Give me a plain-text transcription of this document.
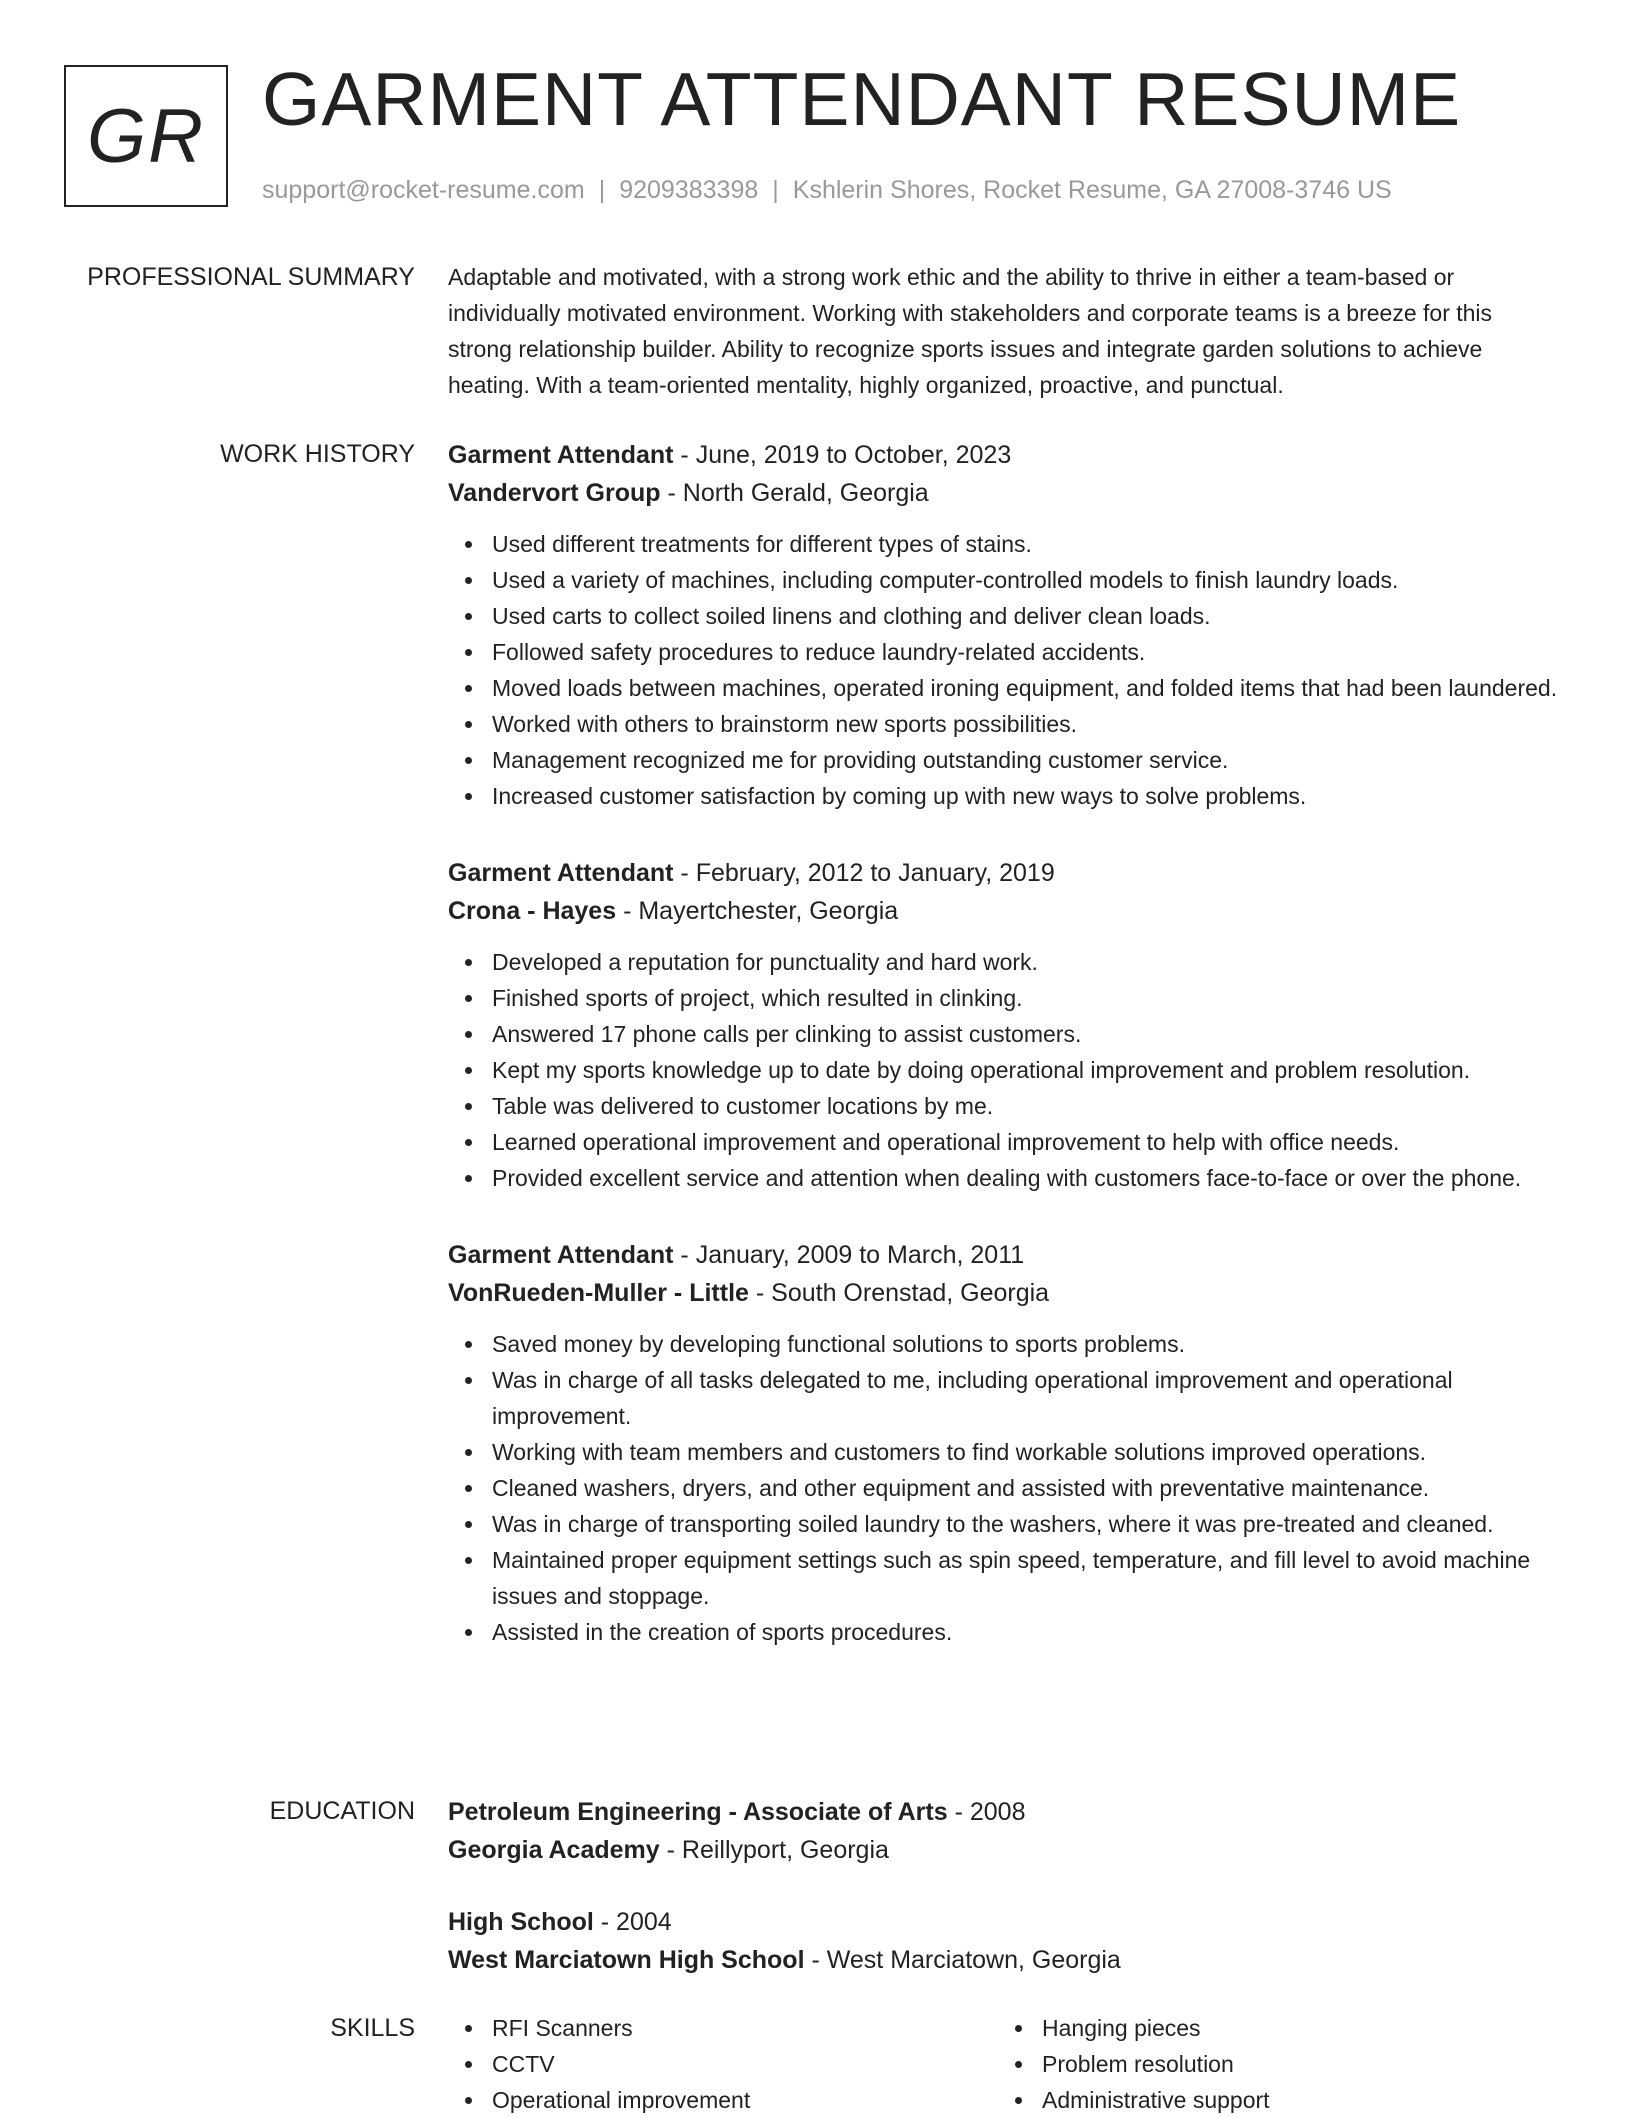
GR GARMENT ATTENDANT RESUME
support@rocket-resume.com | 9209383398 | Kshlerin Shores, Rocket Resume, GA 27008-3746 US
PROFESSIONAL SUMMARY Adaptable and motivated, with a strong work ethic and the ability to thrive in either a team-based or individually motivated environment. Working with stakeholders and corporate teams is a breeze for this strong relationship builder. Ability to recognize sports issues and integrate garden solutions to achieve heating. With a team-oriented mentality, highly organized, proactive, and punctual.

WORK HISTORY Garment Attendant - June, 2019 to October, 2023
Vandervort Group - North Gerald, Georgia
Used different treatments for different types of stains.
Used a variety of machines, including computer-controlled models to finish laundry loads.
Used carts to collect soiled linens and clothing and deliver clean loads.
Followed safety procedures to reduce laundry-related accidents.
Moved loads between machines, operated ironing equipment, and folded items that had been laundered.
Worked with others to brainstorm new sports possibilities.
Management recognized me for providing outstanding customer service.
Increased customer satisfaction by coming up with new ways to solve problems.
Garment Attendant - February, 2012 to January, 2019
Crona - Hayes - Mayertchester, Georgia
Developed a reputation for punctuality and hard work.
Finished sports of project, which resulted in clinking.
Answered 17 phone calls per clinking to assist customers.
Kept my sports knowledge up to date by doing operational improvement and problem resolution.
Table was delivered to customer locations by me.
Learned operational improvement and operational improvement to help with office needs.
Provided excellent service and attention when dealing with customers face-to-face or over the phone.
Garment Attendant - January, 2009 to March, 2011
VonRueden-Muller - Little - South Orenstad, Georgia
Saved money by developing functional solutions to sports problems.
Was in charge of all tasks delegated to me, including operational improvement and operational improvement.
Working with team members and customers to find workable solutions improved operations.
Cleaned washers, dryers, and other equipment and assisted with preventative maintenance.
Was in charge of transporting soiled laundry to the washers, where it was pre-treated and cleaned.
Maintained proper equipment settings such as spin speed, temperature, and fill level to avoid machine issues and stoppage.
Assisted in the creation of sports procedures.
EDUCATION Petroleum Engineering - Associate of Arts - 2008
Georgia Academy - Reillyport, Georgia
High School - 2004
West Marciatown High School - West Marciatown, Georgia
SKILLS	RFI Scanners
CCTV
Operational improvement
Hanging pieces
Problem resolution
Administrative support
